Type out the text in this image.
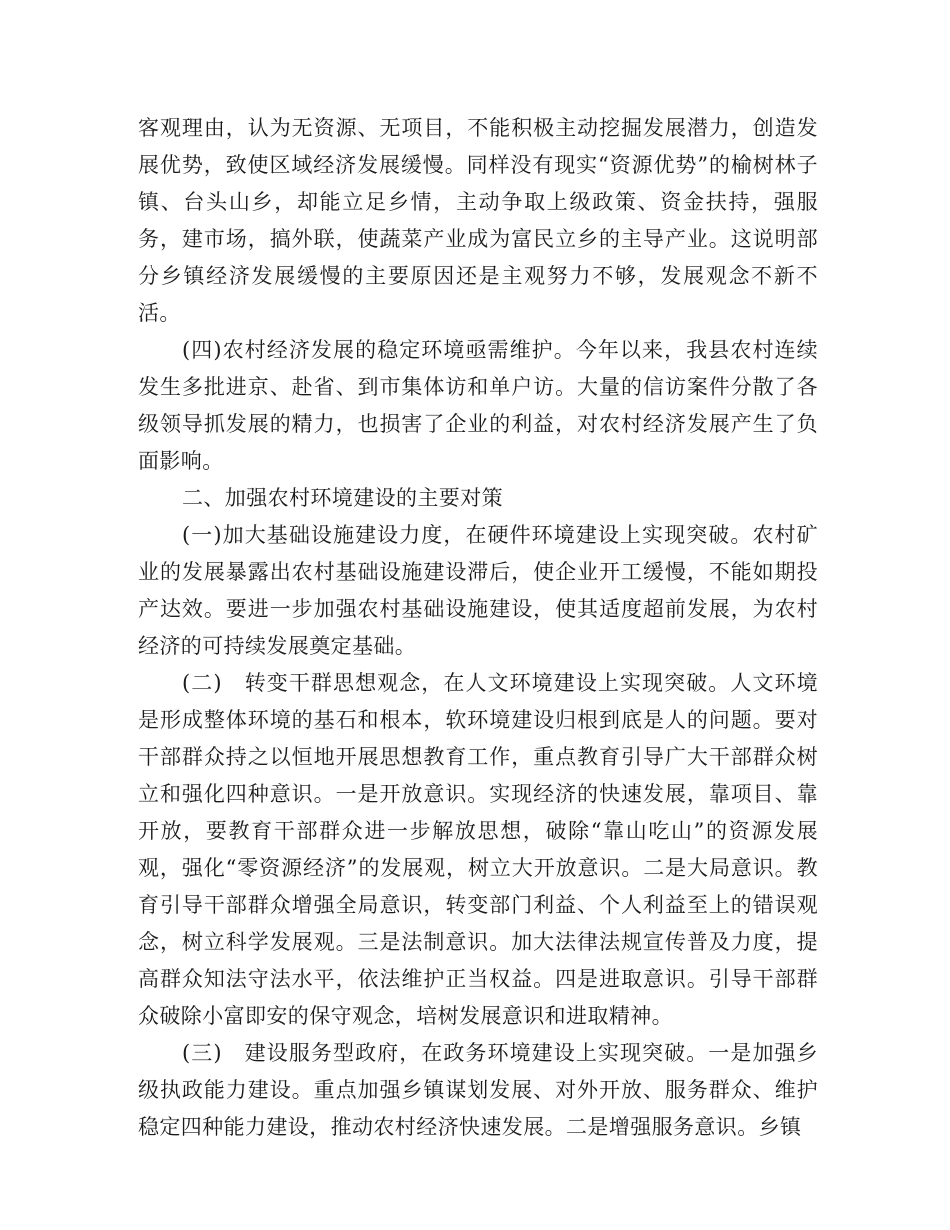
客观理由，认为无资源、无项目，不能积极主动挖掘发展潜力，创造发展优势，致使区域经济发展缓慢。同样没有现实“资源优势”的榆树林子镇、台头山乡，却能立足乡情，主动争取上级政策、资金扶持，强服务，建市场，搞外联，使蔬菜产业成为富民立乡的主导产业。这说明部分乡镇经济发展缓慢的主要原因还是主观努力不够，发展观念不新不活。

(四)农村经济发展的稳定环境亟需维护。今年以来，我县农村连续发生多批进京、赴省、到市集体访和单户访。大量的信访案件分散了各级领导抓发展的精力，也损害了企业的利益，对农村经济发展产生了负面影响。

二、加强农村环境建设的主要对策

(一)加大基础设施建设力度，在硬件环境建设上实现突破。农村矿业的发展暴露出农村基础设施建设滞后，使企业开工缓慢，不能如期投产达效。要进一步加强农村基础设施建设，使其适度超前发展，为农村经济的可持续发展奠定基础。

(二)　转变干群思想观念，在人文环境建设上实现突破。人文环境是形成整体环境的基石和根本，软环境建设归根到底是人的问题。要对干部群众持之以恒地开展思想教育工作，重点教育引导广大干部群众树立和强化四种意识。一是开放意识。实现经济的快速发展，靠项目、靠开放，要教育干部群众进一步解放思想，破除“靠山吃山”的资源发展观，强化“零资源经济”的发展观，树立大开放意识。二是大局意识。教育引导干部群众增强全局意识，转变部门利益、个人利益至上的错误观念，树立科学发展观。三是法制意识。加大法律法规宣传普及力度，提高群众知法守法水平，依法维护正当权益。四是进取意识。引导干部群众破除小富即安的保守观念，培树发展意识和进取精神。

(三)　建设服务型政府，在政务环境建设上实现突破。一是加强乡级执政能力建设。重点加强乡镇谋划发展、对外开放、服务群众、维护稳定四种能力建设，推动农村经济快速发展。二是增强服务意识。乡镇
